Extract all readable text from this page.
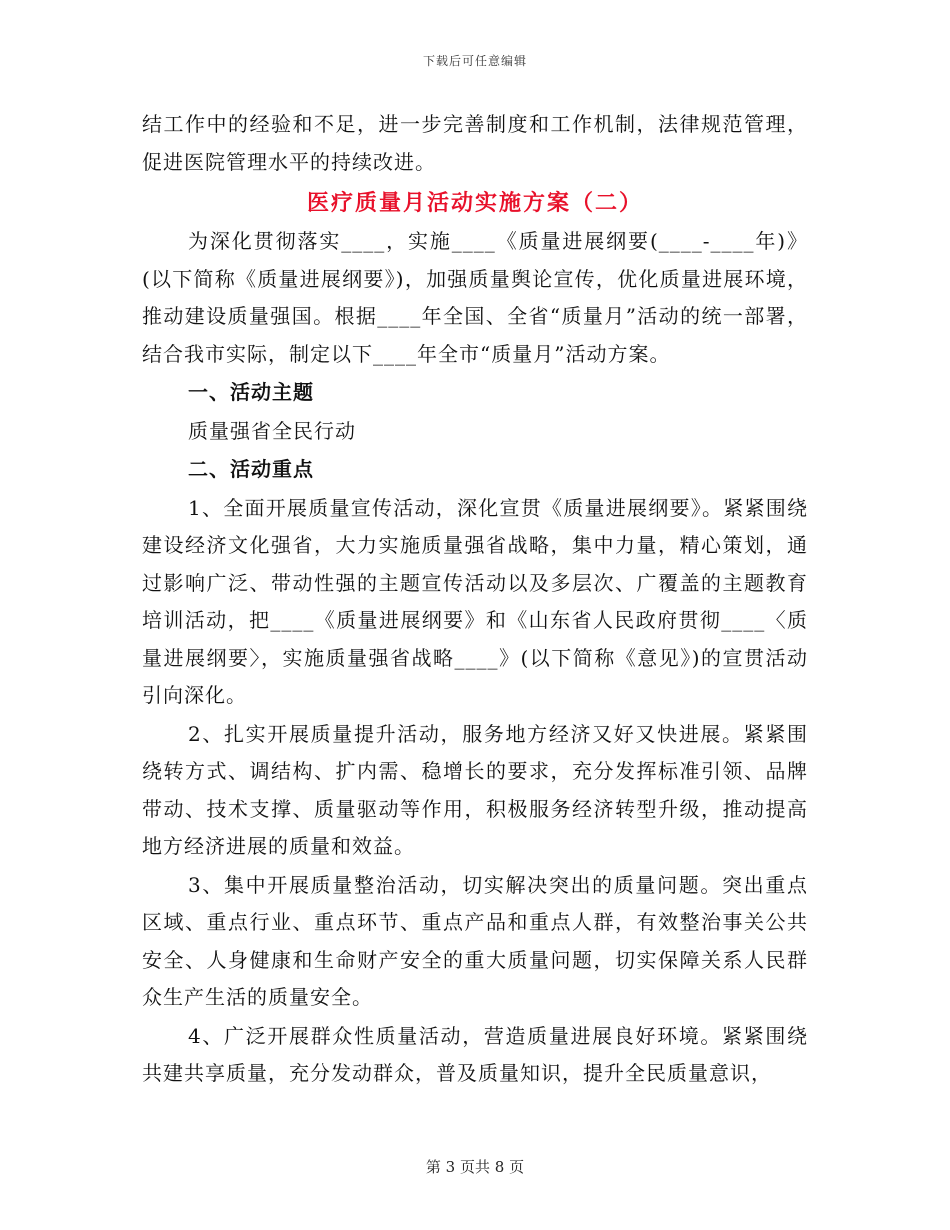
下载后可任意编辑

结工作中的经验和不足，进一步完善制度和工作机制，法律规范管理，促进医院管理水平的持续改进。

医疗质量月活动实施方案（二）

为深化贯彻落实____，实施____《质量进展纲要(____-____年)》(以下简称《质量进展纲要》)，加强质量舆论宣传，优化质量进展环境，推动建设质量强国。根据____年全国、全省“质量月”活动的统一部署，结合我市实际，制定以下____年全市“质量月”活动方案。

一、活动主题

质量强省全民行动

二、活动重点

1、全面开展质量宣传活动，深化宣贯《质量进展纲要》。紧紧围绕建设经济文化强省，大力实施质量强省战略，集中力量，精心策划，通过影响广泛、带动性强的主题宣传活动以及多层次、广覆盖的主题教育培训活动，把____《质量进展纲要》和《山东省人民政府贯彻____〈质量进展纲要〉，实施质量强省战略____》(以下简称《意见》)的宣贯活动引向深化。

2、扎实开展质量提升活动，服务地方经济又好又快进展。紧紧围绕转方式、调结构、扩内需、稳增长的要求，充分发挥标准引领、品牌带动、技术支撑、质量驱动等作用，积极服务经济转型升级，推动提高地方经济进展的质量和效益。

3、集中开展质量整治活动，切实解决突出的质量问题。突出重点区域、重点行业、重点环节、重点产品和重点人群，有效整治事关公共安全、人身健康和生命财产安全的重大质量问题，切实保障关系人民群众生产生活的质量安全。

4、广泛开展群众性质量活动，营造质量进展良好环境。紧紧围绕共建共享质量，充分发动群众，普及质量知识，提升全民质量意识，

第 3 页共 8 页
